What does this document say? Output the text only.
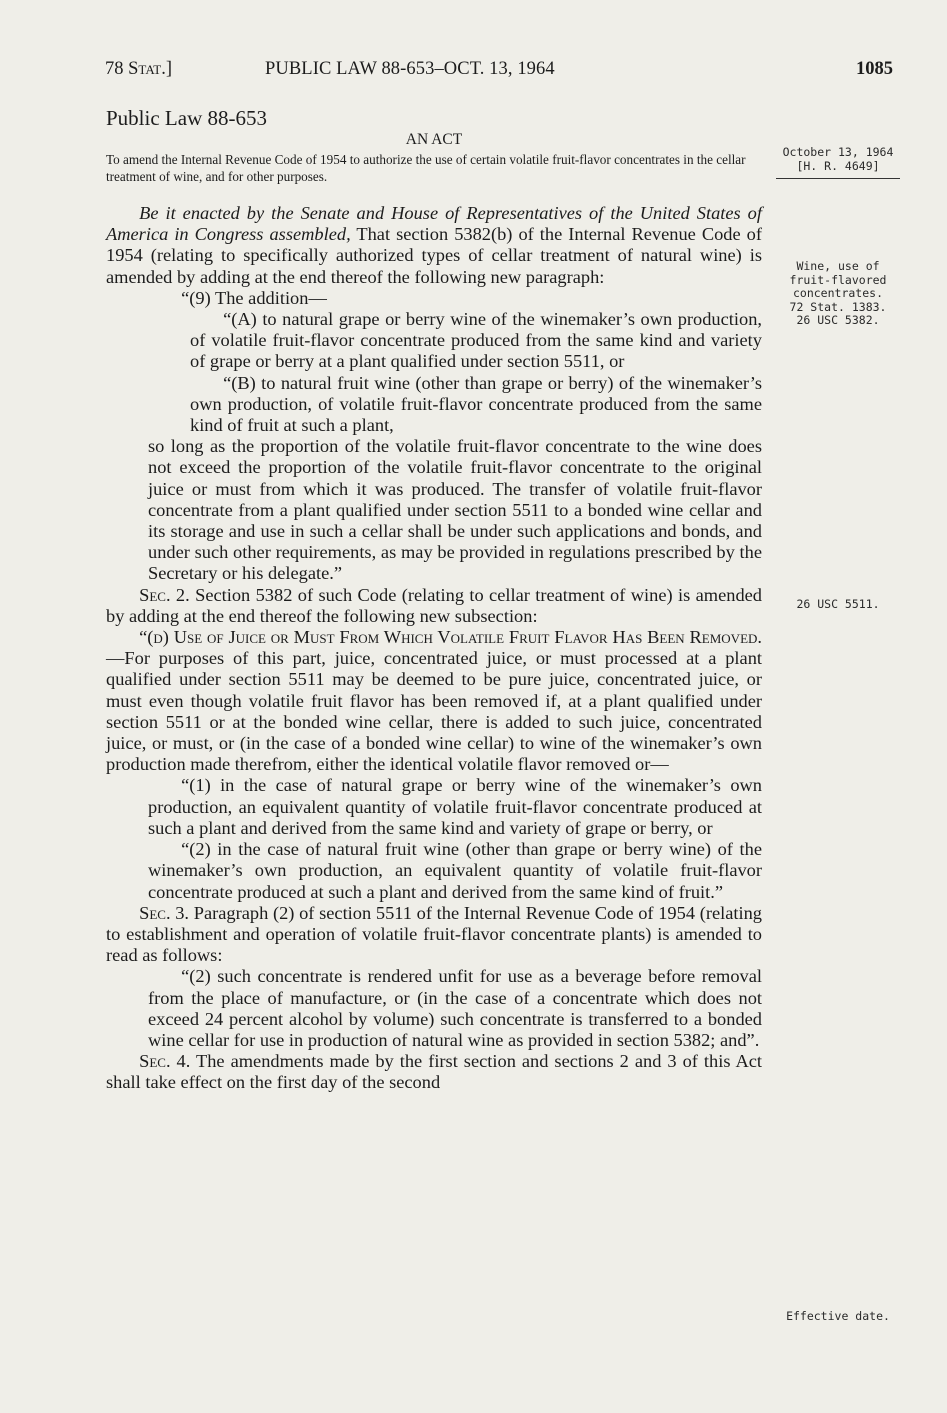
78 Stat.]	PUBLIC LAW 88-653–OCT. 13, 1964	1085
Public Law 88-653
AN ACT
To amend the Internal Revenue Code of 1954 to authorize the use of certain volatile fruit-flavor concentrates in the cellar treatment of wine, and for other purposes.

Be it enacted by the Senate and House of Representatives of the United States of America in Congress assembled, That section 5382(b) of the Internal Revenue Code of 1954 (relating to specifically authorized types of cellar treatment of natural wine) is amended by adding at the end thereof the following new paragraph:

“(9) The addition—

“(A) to natural grape or berry wine of the winemaker’s own production, of volatile fruit-flavor concentrate produced from the same kind and variety of grape or berry at a plant qualified under section 5511, or

“(B) to natural fruit wine (other than grape or berry) of the winemaker’s own production, of volatile fruit-flavor concentrate produced from the same kind of fruit at such a plant,

so long as the proportion of the volatile fruit-flavor concentrate to the wine does not exceed the proportion of the volatile fruit-flavor concentrate to the original juice or must from which it was produced. The transfer of volatile fruit-flavor concentrate from a plant qualified under section 5511 to a bonded wine cellar and its storage and use in such a cellar shall be under such applications and bonds, and under such other requirements, as may be provided in regulations prescribed by the Secretary or his delegate.”

Sec. 2. Section 5382 of such Code (relating to cellar treatment of wine) is amended by adding at the end thereof the following new subsection:

“(d) Use of Juice or Must From Which Volatile Fruit Flavor Has Been Removed.—For purposes of this part, juice, concentrated juice, or must processed at a plant qualified under section 5511 may be deemed to be pure juice, concentrated juice, or must even though volatile fruit flavor has been removed if, at a plant qualified under section 5511 or at the bonded wine cellar, there is added to such juice, concentrated juice, or must, or (in the case of a bonded wine cellar) to wine of the winemaker’s own production made therefrom, either the identical volatile flavor removed or—

“(1) in the case of natural grape or berry wine of the winemaker’s own production, an equivalent quantity of volatile fruit-flavor concentrate produced at such a plant and derived from the same kind and variety of grape or berry, or

“(2) in the case of natural fruit wine (other than grape or berry wine) of the winemaker’s own production, an equivalent quantity of volatile fruit-flavor concentrate produced at such a plant and derived from the same kind of fruit.”

Sec. 3. Paragraph (2) of section 5511 of the Internal Revenue Code of 1954 (relating to establishment and operation of volatile fruit-flavor concentrate plants) is amended to read as follows:

“(2) such concentrate is rendered unfit for use as a beverage before removal from the place of manufacture, or (in the case of a concentrate which does not exceed 24 percent alcohol by volume) such concentrate is transferred to a bonded wine cellar for use in production of natural wine as provided in section 5382; and”.

Sec. 4. The amendments made by the first section and sections 2 and 3 of this Act shall take effect on the first day of the second

October 13, 1964
[H. R. 4649]
Wine, use of
fruit-flavored
concentrates.
72 Stat. 1383.
26 USC 5382.
26 USC 5511.
Effective date.
